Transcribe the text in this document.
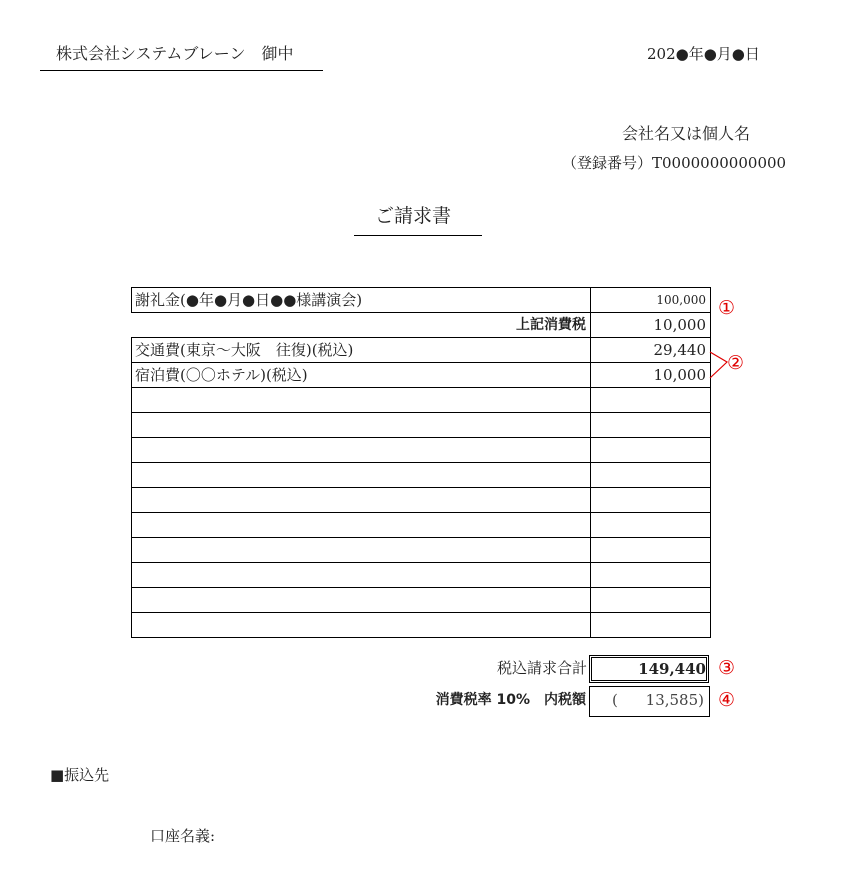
株式会社システムブレーン　御中	202●年●月●日
会社名又は個人名
（登録番号）T0000000000000
ご請求書
謝礼金(●年●月●日●●様講演会)	100,000
上記消費税	10,000
交通費(東京～大阪　往復)(税込)	29,440
宿泊費(〇〇ホテル)(税込)	10,000

①
②
税込請求合計	149,440 ③
消費税率 10%　内税額 ( 13,585) ④
■振込先
口座名義:
